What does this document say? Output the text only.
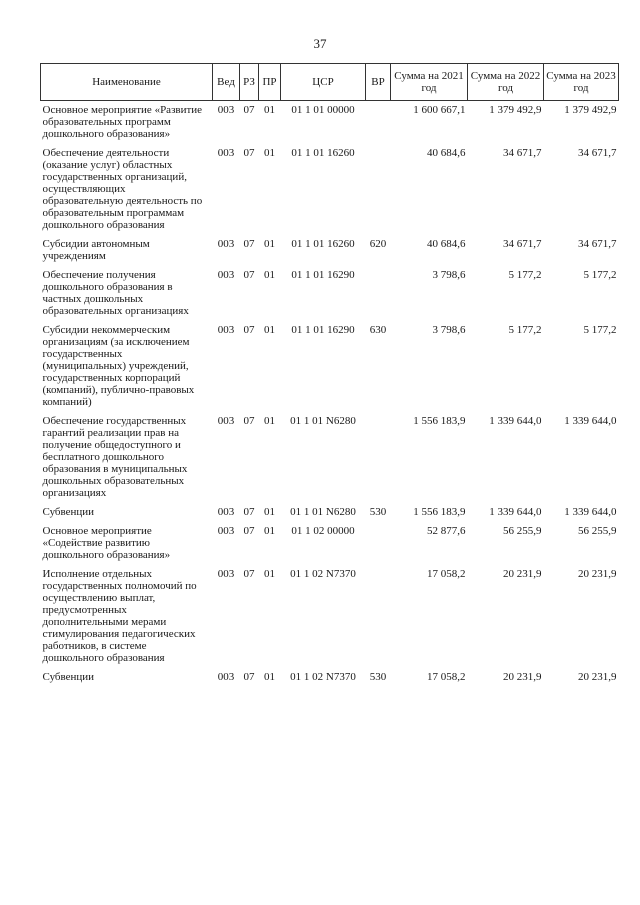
37
Наименование	Вед	РЗ	ПР	ЦСР	ВР	Сумма на 2021 год	Сумма на 2022 год	Сумма на 2023 год
Основное мероприятие «Развитие образовательных программ дошкольного образования»	003	07	01	01 1 01 00000		1 600 667,1	1 379 492,9	1 379 492,9
Обеспечение деятельности (оказание услуг) областных государственных организаций, осуществляющих образовательную деятельность по образовательным программам дошкольного образования	003	07	01	01 1 01 16260		40 684,6	34 671,7	34 671,7
Субсидии автономным учреждениям	003	07	01	01 1 01 16260	620	40 684,6	34 671,7	34 671,7
Обеспечение получения дошкольного образования в частных дошкольных образовательных организациях	003	07	01	01 1 01 16290		3 798,6	5 177,2	5 177,2
Субсидии некоммерческим организациям (за исключением государственных (муниципальных) учреждений, государственных корпораций (компаний), публично-правовых компаний)	003	07	01	01 1 01 16290	630	3 798,6	5 177,2	5 177,2
Обеспечение государственных гарантий реализации прав на получение общедоступного и бесплатного дошкольного образования в муниципальных дошкольных образовательных организациях	003	07	01	01 1 01 N6280		1 556 183,9	1 339 644,0	1 339 644,0
Субвенции	003	07	01	01 1 01 N6280	530	1 556 183,9	1 339 644,0	1 339 644,0
Основное мероприятие «Содействие развитию дошкольного образования»	003	07	01	01 1 02 00000		52 877,6	56 255,9	56 255,9
Исполнение отдельных государственных полномочий по осуществлению выплат, предусмотренных дополнительными мерами стимулирования педагогических работников, в системе дошкольного образования	003	07	01	01 1 02 N7370		17 058,2	20 231,9	20 231,9
Субвенции	003	07	01	01 1 02 N7370	530	17 058,2	20 231,9	20 231,9
